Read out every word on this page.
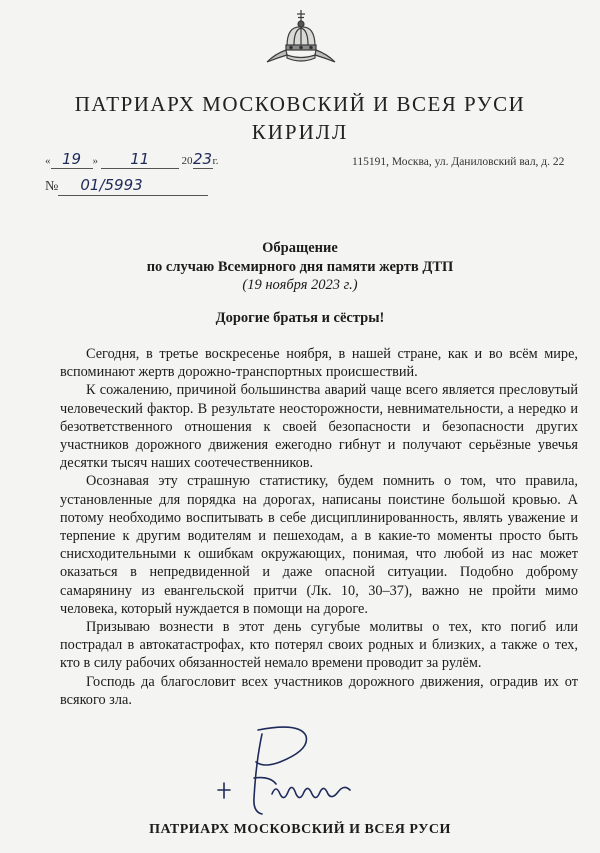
ПАТРИАРХ МОСКОВСКИЙ И ВСЕЯ РУСИ
КИРИЛЛ
« 19 » 11	2023г.	115191, Москва, ул. Даниловский вал, д. 22
№ 01/5993
Обращение
по случаю Всемирного дня памяти жертв ДТП
(19 ноября 2023 г.)
Дорогие братья и сёстры!

Сегодня, в третье воскресенье ноября, в нашей стране, как и во всём мире, вспоминают жертв дорожно-транспортных происшествий.

К сожалению, причиной большинства аварий чаще всего является пресловутый человеческий фактор. В результате неосторожности, невнимательности, а нередко и безответственного отношения к своей безопасности и безопасности других участников дорожного движения ежегодно гибнут и получают серьёзные увечья десятки тысяч наших соотечественников.

Осознавая эту страшную статистику, будем помнить о том, что правила, установленные для порядка на дорогах, написаны поистине большой кровью. А потому необходимо воспитывать в себе дисциплинированность, являть уважение и терпение к другим водителям и пешеходам, а в какие-то моменты просто быть снисходительными к ошибкам окружающих, понимая, что любой из нас может оказаться в непредвиденной и даже опасной ситуации. Подобно доброму самарянину из евангельской притчи (Лк. 10, 30–37), важно не пройти мимо человека, который нуждается в помощи на дороге.

Призываю вознести в этот день сугубые молитвы о тех, кто погиб или пострадал в автокатастрофах, кто потерял своих родных и близких, а также о тех, кто в силу рабочих обязанностей немало времени проводит за рулём.

Господь да благословит всех участников дорожного движения, оградив их от всякого зла.

ПАТРИАРХ МОСКОВСКИЙ И ВСЕЯ РУСИ
